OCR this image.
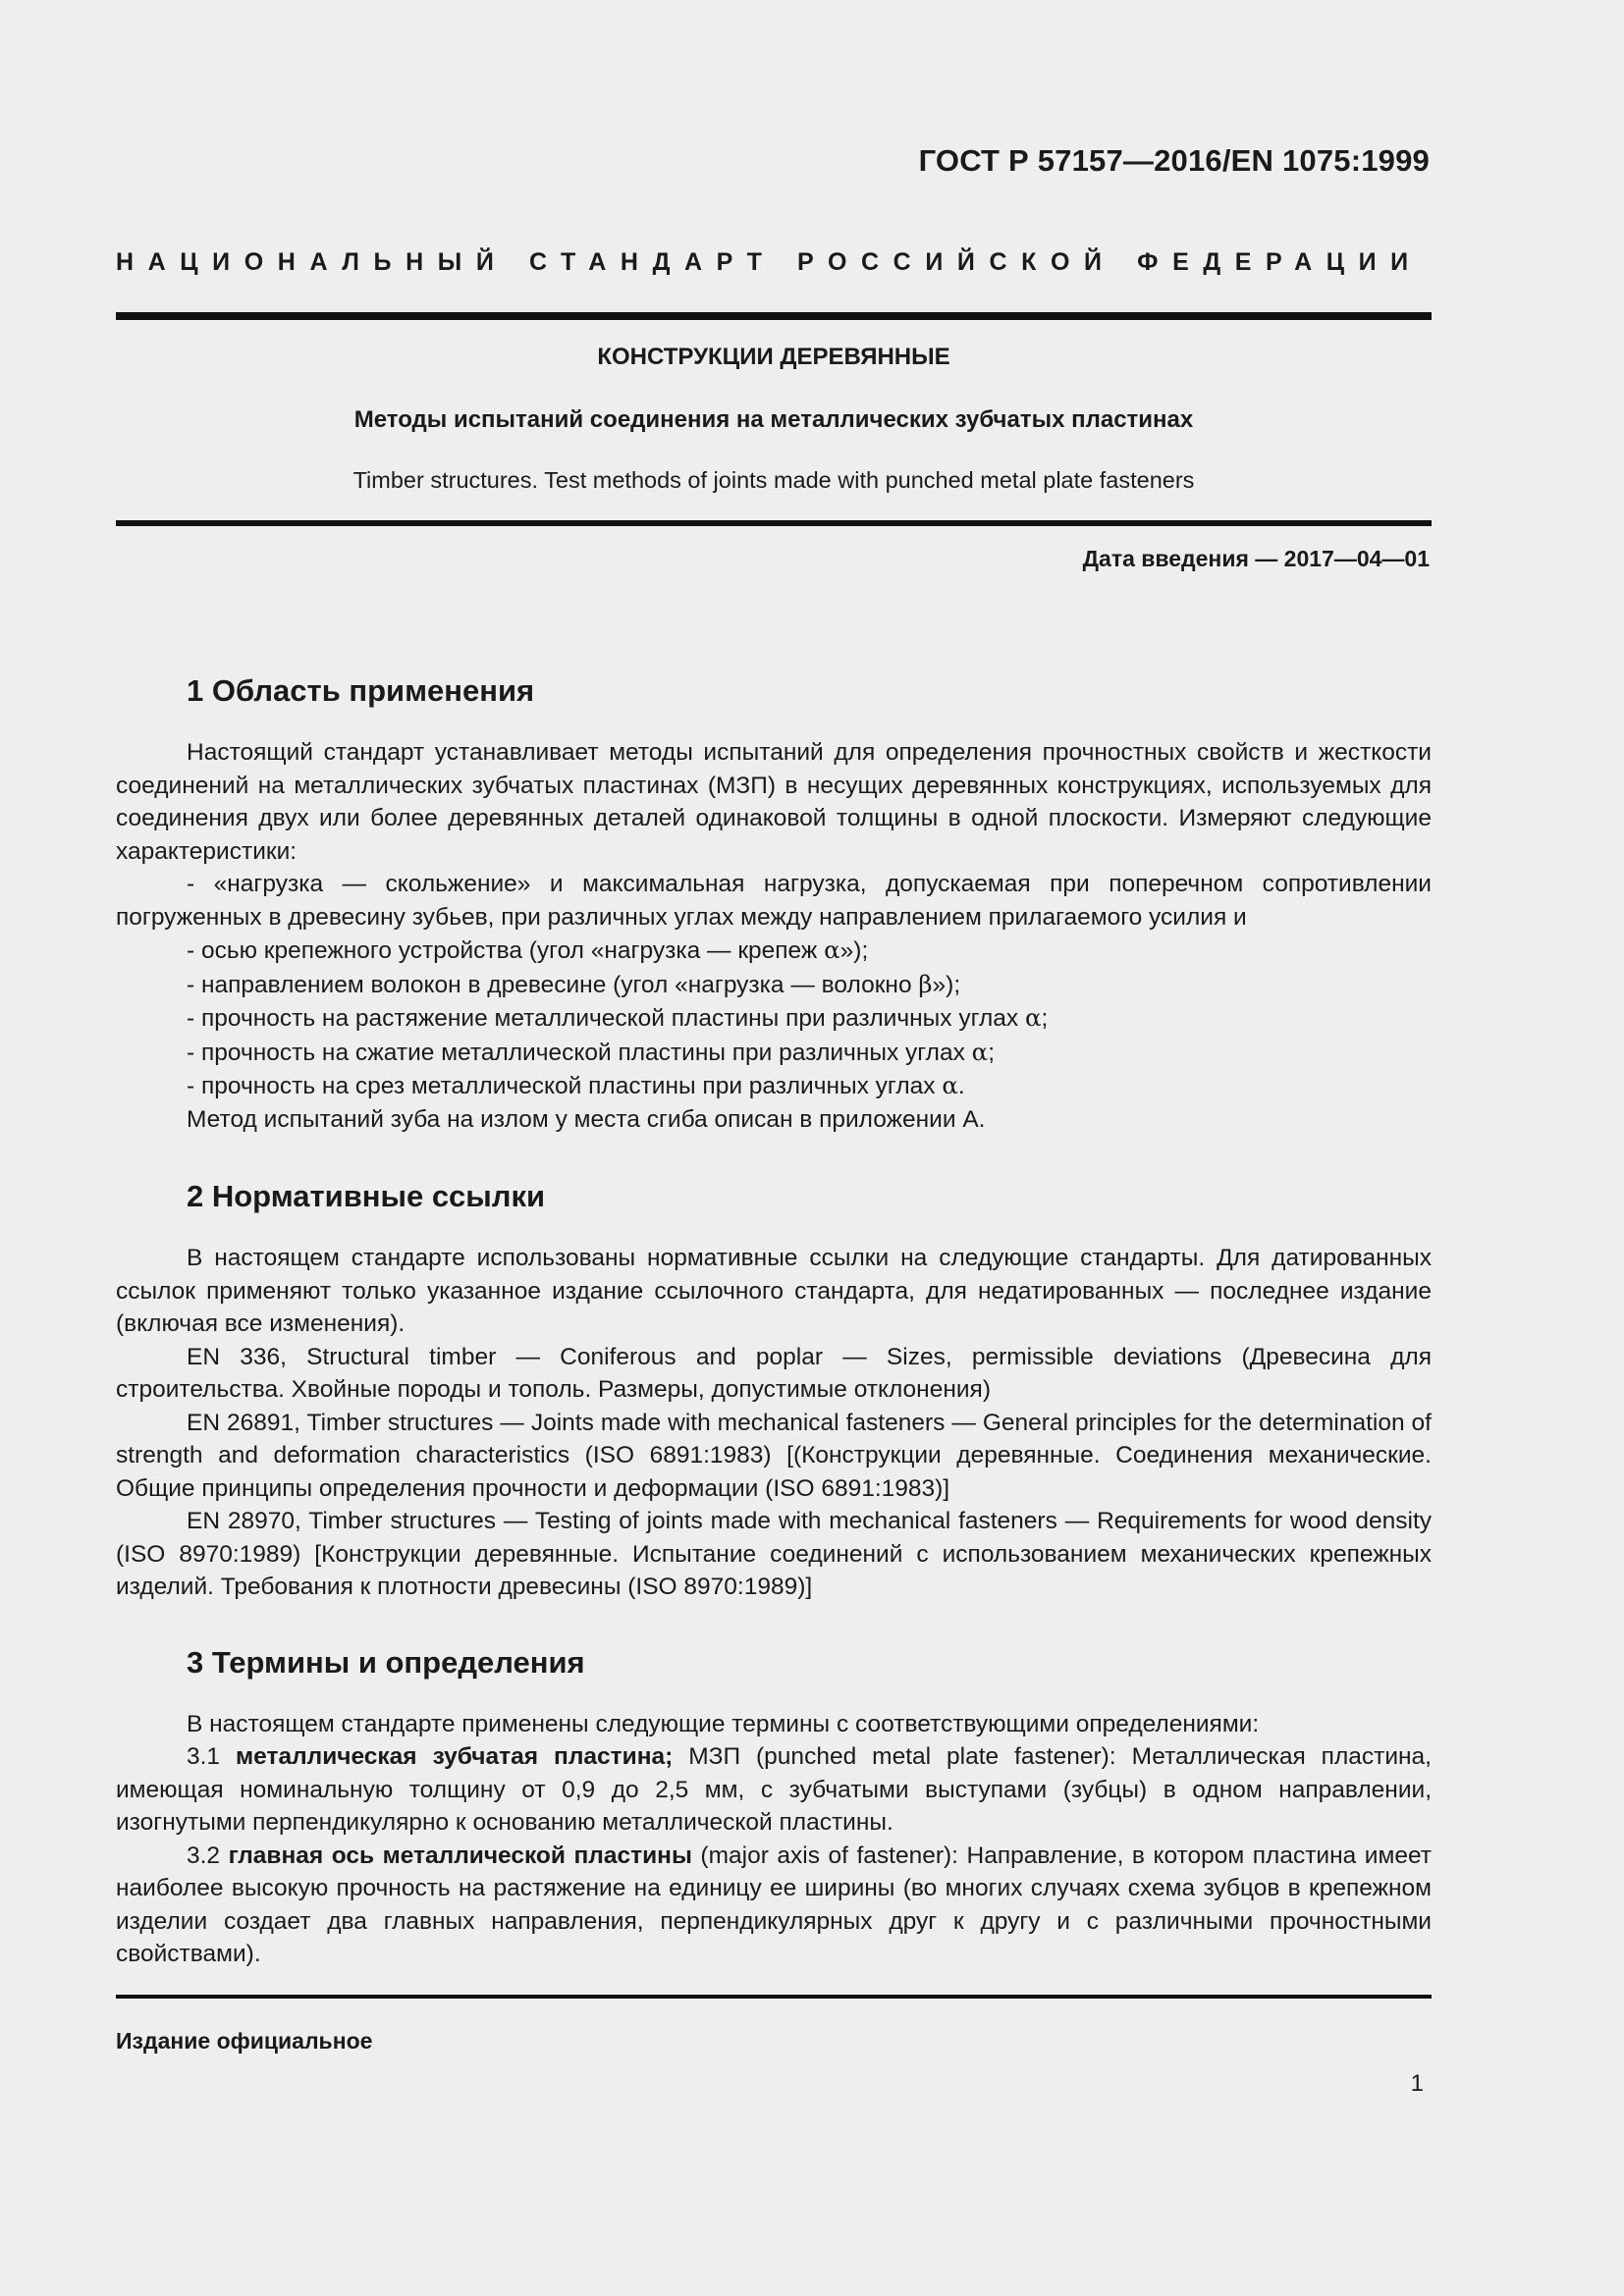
ГОСТ Р 57157—2016/EN 1075:1999
НАЦИОНАЛЬНЫЙ СТАНДАРТ РОССИЙСКОЙ ФЕДЕРАЦИИ
КОНСТРУКЦИИ ДЕРЕВЯННЫЕ
Методы испытаний соединения на металлических зубчатых пластинах
Timber structures. Test methods of joints made with punched metal plate fasteners
Дата введения — 2017—04—01
1 Область применения

Настоящий стандарт устанавливает методы испытаний для определения прочностных свойств и жесткости соединений на металлических зубчатых пластинах (МЗП) в несущих деревянных конструкциях, используемых для соединения двух или более деревянных деталей одинаковой толщины в одной плоскости. Измеряют следующие характеристики:

- «нагрузка — скольжение» и максимальная нагрузка, допускаемая при поперечном сопротивлении погруженных в древесину зубьев, при различных углах между направлением прилагаемого усилия и

- осью крепежного устройства (угол «нагрузка — крепеж α»);

- направлением волокон в древесине (угол «нагрузка — волокно β»);

- прочность на растяжение металлической пластины при различных углах α;

- прочность на сжатие металлической пластины при различных углах α;

- прочность на срез металлической пластины при различных углах α.

Метод испытаний зуба на излом у места сгиба описан в приложении А.

2 Нормативные ссылки

В настоящем стандарте использованы нормативные ссылки на следующие стандарты. Для датированных ссылок применяют только указанное издание ссылочного стандарта, для недатированных — последнее издание (включая все изменения).

EN 336, Structural timber — Coniferous and poplar — Sizes, permissible deviations (Древесина для строительства. Хвойные породы и тополь. Размеры, допустимые отклонения)

EN 26891, Timber structures — Joints made with mechanical fasteners — General principles for the determination of strength and deformation characteristics (ISO 6891:1983) [(Конструкции деревянные. Соединения механические. Общие принципы определения прочности и деформации (ISO 6891:1983)]

EN 28970, Timber structures — Testing of joints made with mechanical fasteners — Requirements for wood density (ISO 8970:1989) [Конструкции деревянные. Испытание соединений с использованием механических крепежных изделий. Требования к плотности древесины (ISO 8970:1989)]

3 Термины и определения

В настоящем стандарте применены следующие термины с соответствующими определениями:

3.1 металлическая зубчатая пластина; МЗП (punched metal plate fastener): Металлическая пластина, имеющая номинальную толщину от 0,9 до 2,5 мм, с зубчатыми выступами (зубцы) в одном направлении, изогнутыми перпендикулярно к основанию металлической пластины.

3.2 главная ось металлической пластины (major axis of fastener): Направление, в котором пластина имеет наиболее высокую прочность на растяжение на единицу ее ширины (во многих случаях схема зубцов в крепежном изделии создает два главных направления, перпендикулярных друг к другу и с различными прочностными свойствами).

Издание официальное
1
